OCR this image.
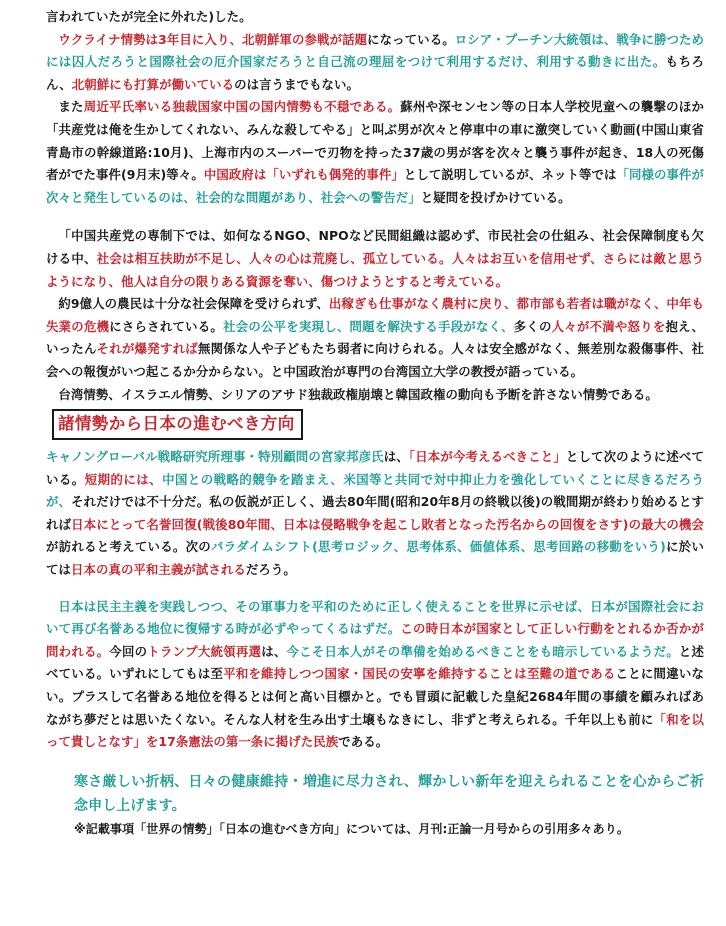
言われていたが完全に外れた)した。

ウクライナ情勢は3年目に入り、北朝鮮軍の参戦が話題になっている。ロシア・プーチン大統領は、戦争に勝つためには囚人だろうと国際社会の厄介国家だろうと自己流の理屈をつけて利用するだけ、利用する動きに出た。もちろん、北朝鮮にも打算が働いているのは言うまでもない。

また周近平氏率いる独裁国家中国の国内情勢も不穏である。蘇州や深センセン等の日本人学校児童への襲撃のほか「共産党は俺を生かしてくれない、みんな殺してやる」と叫ぶ男が次々と停車中の車に激突していく動画(中国山東省青島市の幹線道路:10月)、上海市内のスーパーで刃物を持った37歳の男が客を次々と襲う事件が起き、18人の死傷者がでた事件(9月末)等々。中国政府は「いずれも偶発的事件」として説明しているが、ネット等では「同様の事件が次々と発生しているのは、社会的な問題があり、社会への警告だ」と疑問を投げかけている。

「中国共産党の専制下では、如何なるNGO、NPOなど民間組織は認めず、市民社会の仕組み、社会保障制度も欠ける中、社会は相互扶助が不足し、人々の心は荒廃し、孤立している。人々はお互いを信用せず、さらには敵と思うようになり、他人は自分の限りある資源を奪い、傷つけようとすると考えている。

約9億人の農民は十分な社会保障を受けられず、出稼ぎも仕事がなく農村に戻り、都市部も若者は職がなく、中年も失業の危機にさらされている。社会の公平を実現し、問題を解決する手段がなく、多くの人々が不満や怒りを抱え、いったんそれが爆発すれば無関係な人や子どもたち弱者に向けられる。人々は安全感がなく、無差別な殺傷事件、社会への報復がいつ起こるか分からない。と中国政治が専門の台湾国立大学の教授が語っている。

台湾情勢、イスラエル情勢、シリアのアサド独裁政権崩壊と韓国政権の動向も予断を許さない情勢である。

諸情勢から日本の進むべき方向

キャノングローバル戦略研究所理事・特別顧問の宮家邦彦氏は、「日本が今考えるべきこと」として次のように述べている。短期的には、中国との戦略的競争を踏まえ、米国等と共同で対中抑止力を強化していくことに尽きるだろうが、それだけでは不十分だ。私の仮説が正しく、過去80年間(昭和20年8月の終戦以後)の戦間期が終わり始めるとすれば日本にとって名誉回復(戦後80年間、日本は侵略戦争を起こし敗者となった汚名からの回復をさす)の最大の機会が訪れると考えている。次のパラダイムシフト(思考ロジック、思考体系、価値体系、思考回路の移動をいう)に於いては日本の真の平和主義が試されるだろう。

日本は民主主義を実践しつつ、その軍事力を平和のために正しく使えることを世界に示せば、日本が国際社会において再び名誉ある地位に復帰する時が必ずやってくるはずだ。この時日本が国家として正しい行動をとれるか否かが問われる。今回のトランプ大統領再選は、今こそ日本人がその準備を始めるべきことをも暗示しているようだ。と述べている。いずれにしてもは至平和を維持しつつ国家・国民の安寧を維持することは至難の道であることに間違いない。プラスして名誉ある地位を得るとは何と高い目標かと。でも冒頭に記載した皇紀2684年間の事績を顧みればあながち夢だとは思いたくない。そんな人材を生み出す土壌もなきにし、非ずと考えられる。千年以上も前に「和を以って貴しとなす」を17条憲法の第一条に掲げた民族である。

寒さ厳しい折柄、日々の健康維持・増進に尽力され、輝かしい新年を迎えられることを心からご祈念申し上げます。

※記載事項「世界の情勢」「日本の進むべき方向」については、月刊:正論一月号からの引用多々あり。
